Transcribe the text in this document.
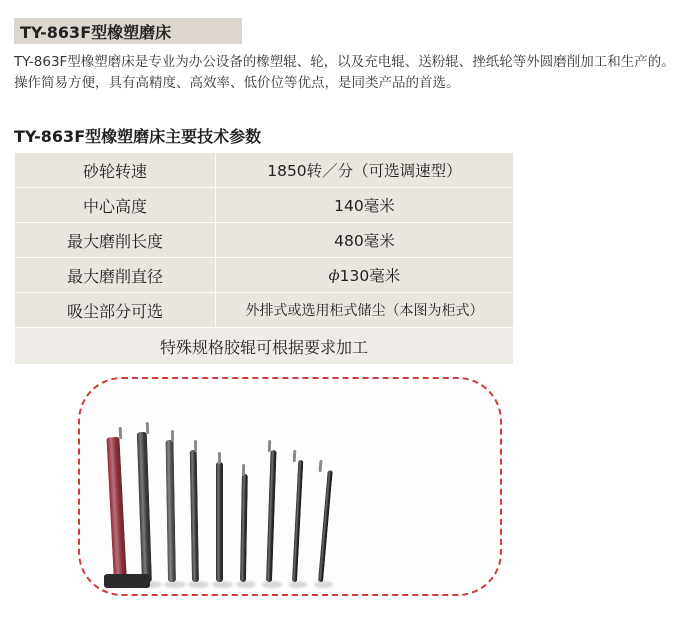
TY-863F型橡塑磨床

TY-863F型橡塑磨床是专业为办公设备的橡塑辊、轮，以及充电辊、送粉辊、挫纸轮等外圆磨削加工和生产的。

操作简易方便，具有高精度、高效率、低价位等优点，是同类产品的首选。

TY-863F型橡塑磨床主要技术参数
砂轮转速	1850转／分（可选调速型）
中心高度	140毫米
最大磨削长度	480毫米
最大磨削直径	ф130毫米
吸尘部分可选	外排式或选用柜式储尘（本图为柜式）
特殊规格胶辊可根据要求加工	
